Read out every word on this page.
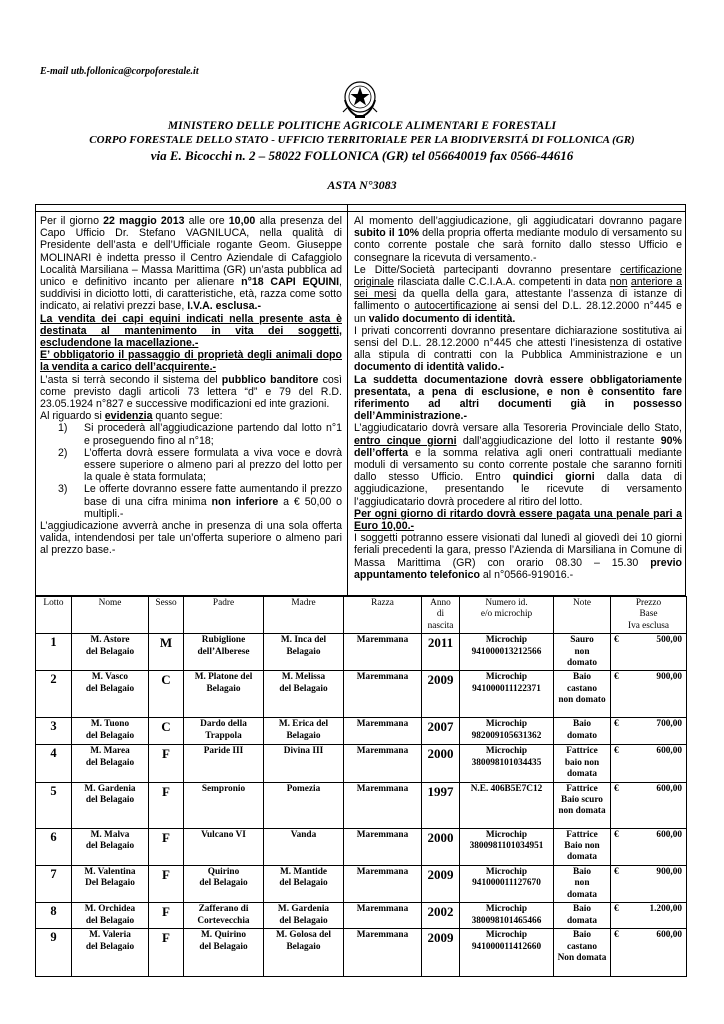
E-mail utb.follonica@corpoforestale.it
MINISTERO DELLE POLITICHE AGRICOLE ALIMENTARI E FORESTALI
CORPO FORESTALE DELLO STATO - UFFICIO TERRITORIALE PER LA BIODIVERSITÁ DI FOLLONICA (GR)
via E. Bicocchi n. 2 – 58022 FOLLONICA (GR) tel 056640019 fax 0566-44616
ASTA N°3083

Per il giorno 22 maggio 2013 alle ore 10,00 alla presenza del Capo Ufficio Dr. Stefano VAGNILUCA, nella qualità di Presidente dell’asta e dell’Ufficiale rogante Geom. Giuseppe MOLINARI è indetta presso il Centro Aziendale di Cafaggiolo Località Marsiliana – Massa Marittima (GR) un’asta pubblica ad unico e definitivo incanto per alienare n°18 CAPI EQUINI, suddivisi in diciotto lotti, di caratteristiche, età, razza come sotto indicato, ai relativi prezzi base, I.V.A. esclusa.-

La vendita dei capi equini indicati nella presente asta è destinata al mantenimento in vita dei soggetti, escludendone la macellazione.-

E’ obbligatorio il passaggio di proprietà degli animali dopo la vendita a carico dell’acquirente.-

L’asta si terrà secondo il sistema del pubblico banditore così come previsto dagli articoli 73 lettera “d” e 79 del R.D. 23.05.1924 n°827 e successive modificazioni ed inte grazioni.

Al riguardo si evidenzia quanto segue:

1) Si procederà all’aggiudicazione partendo dal lotto n°1 e proseguendo fino al n°18;
2) L’offerta dovrà essere formulata a viva voce e dovrà essere superiore o almeno pari al prezzo del lotto per la quale è stata formulata;
3) Le offerte dovranno essere fatte aumentando il prezzo base di una cifra minima non inferiore a € 50,00 o multipli.-

L’aggiudicazione avverrà anche in presenza di una sola offerta valida, intendendosi per tale un’offerta superiore o almeno pari al prezzo base.-

Al momento dell’aggiudicazione, gli aggiudicatari dovranno pagare subito il 10% della propria offerta mediante modulo di versamento su conto corrente postale che sarà fornito dallo stesso Ufficio e consegnare la ricevuta di versamento.-

Le Ditte/Società partecipanti dovranno presentare certificazione originale rilasciata dalle C.C.I.A.A. competenti in data non anteriore a sei mesi da quella della gara, attestante l’assenza di istanze di fallimento o autocertificazione ai sensi del D.L. 28.12.2000 n°445 e un valido documento di identità.

I privati concorrenti dovranno presentare dichiarazione sostitutiva ai sensi del D.L. 28.12.2000 n°445 che attesti l’inesistenza di ostative alla stipula di contratti con la Pubblica Amministrazione e un documento di identità valido.-

La suddetta documentazione dovrà essere obbligatoriamente presentata, a pena di esclusione, e non è consentito fare riferimento ad altri documenti già in possesso dell’Amministrazione.-

L’aggiudicatario dovrà versare alla Tesoreria Provinciale dello Stato, entro cinque giorni dall’aggiudicazione del lotto il restante 90% dell’offerta e la somma relativa agli oneri contrattuali mediante moduli di versamento su conto corrente postale che saranno forniti dallo stesso Ufficio. Entro quindici giorni dalla data di aggiudicazione, presentando le ricevute di versamento l’aggiudicatario dovrà procedere al ritiro del lotto.

Per ogni giorno di ritardo dovrà essere pagata una penale pari a Euro 10,00.-

I soggetti potranno essere visionati dal lunedì al giovedì dei 10 giorni feriali precedenti la gara, presso l’Azienda di Marsiliana in Comune di Massa Marittima (GR) con orario 08.30 – 15.30 previo appuntamento telefonico al n°0566-919016.-

Lotto	Nome	Sesso	Padre	Madre	Razza	Anno
di
nascita	Numero id.
e/o microchip	Note	Prezzo
Base
Iva esclusa
1	M. Astore
del Belagaio	M	Rubiglione
dell’Alberese	M. Inca del
Belagaio	Maremmana	2011	Microchip
941000013212566	Sauro
non
domato	€ 500,00

2	M. Vasco
del Belagaio	C	M. Platone del
Belagaio	M. Melissa
del Belagaio	Maremmana	2009	Microchip
941000011122371	Baio
castano
non domato	€ 900,00

3	M. Tuono
del Belagaio	C	Dardo della
Trappola	M. Erica del
Belagaio	Maremmana	2007	Microchip
982009105631362	Baio
domato	€ 700,00

4	M. Marea
del Belagaio	F	Paride III	Divina III	Maremmana	2000	Microchip
380098101034435	Fattrice
baio non
domata	€ 600,00

5	M. Gardenia
del Belagaio	F	Sempronio	Pomezia	Maremmana	1997	N.E. 406B5E7C12	Fattrice
Baio scuro
non domata	€ 600,00

6	M. Malva
del Belagaio	F	Vulcano VI	Vanda	Maremmana	2000	Microchip
3800981101034951	Fattrice
Baio non
domata	€ 600,00

7	M. Valentina
Del Belagaio	F	Quirino
del Belagaio	M. Mantide
del Belagaio	Maremmana	2009	Microchip
941000011127670	Baio
non
domata	€ 900,00

8	M. Orchidea
del Belagaio	F	Zafferano di
Cortevecchia	M. Gardenia
del Belagaio	Maremmana	2002	Microchip
380098101465466	Baio
domata	€ 1.200,00

9	M. Valeria
del Belagaio	F	M. Quirino
del Belagaio	M. Golosa del
Belagaio	Maremmana	2009	Microchip
941000011412660	Baio
castano
Non domata	€ 600,00
